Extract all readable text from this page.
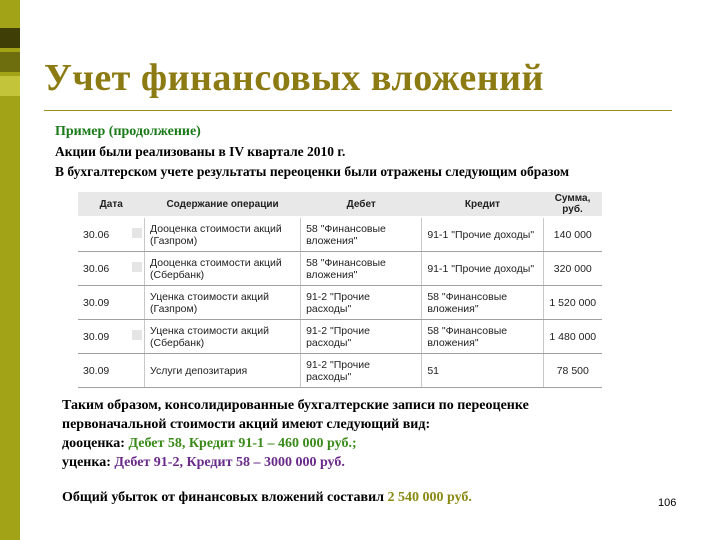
Учет финансовых вложений
Пример (продолжение)
Акции были реализованы в IV квартале 2010 г.
В бухгалтерском учете результаты переоценки были отражены следующим образом
Дата	Содержание операции	Дебет	Кредит	Сумма, руб.
30.06	Дооценка стоимости акций (Газпром)	58 "Финансовые вложения"	91-1 "Прочие доходы"	140 000
30.06	Дооценка стоимости акций (Сбербанк)	58 "Финансовые вложения"	91-1 "Прочие доходы"	320 000
30.09	Уценка стоимости акций (Газпром)	91-2 "Прочие расходы"	58 "Финансовые вложения"	1 520 000
30.09	Уценка стоимости акций (Сбербанк)	91-2 "Прочие расходы"	58 "Финансовые вложения"	1 480 000
30.09	Услуги депозитария	91-2 "Прочие расходы"	51	78 500
Таким образом, консолидированные бухгалтерские записи по переоценке
первоначальной стоимости акций имеют следующий вид:
дооценка: Дебет 58, Кредит 91-1 – 460 000 руб.;
уценка: Дебет 91-2, Кредит 58 – 3000 000 руб.
Общий убыток от финансовых вложений составил 2 540 000 руб.	106
